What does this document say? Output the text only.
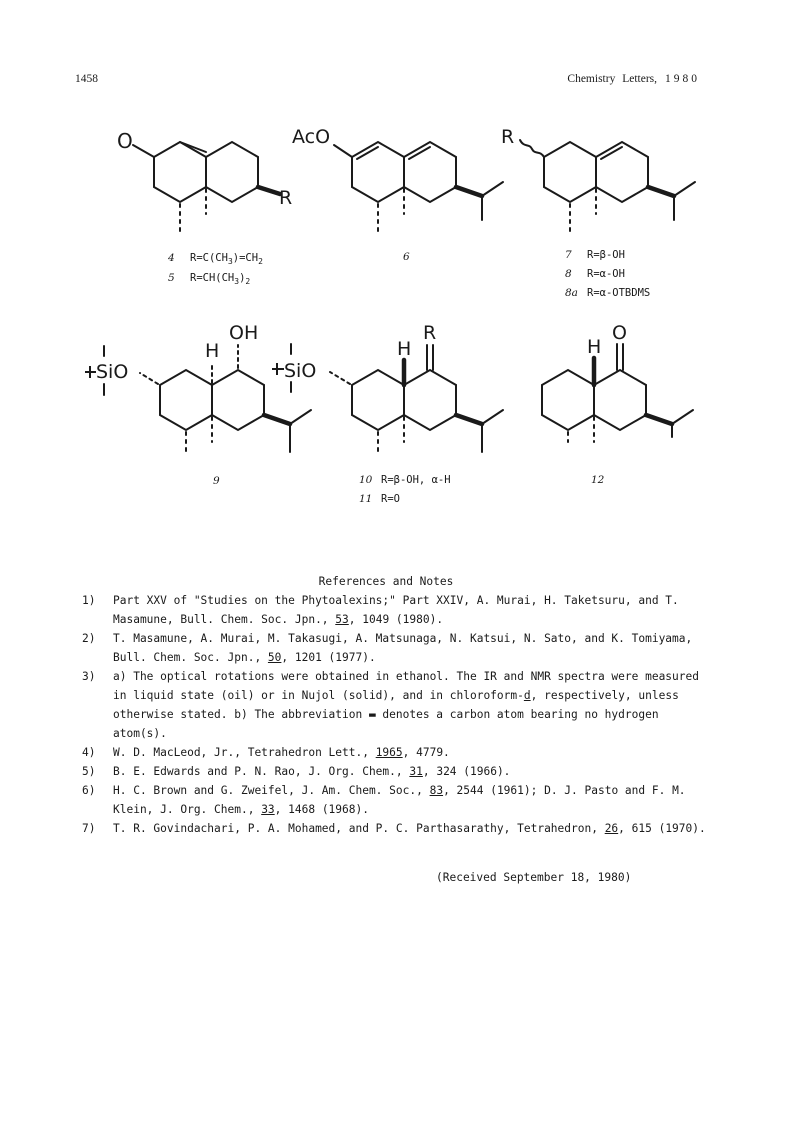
1458	Chemistry Letters, 1980
O
R
AcO	R
OH
H
SiO
R
H
SiO
O
H
4 $R=C(CH_3)=CH_2$
5 $R=CH(CH_3)_2$
6	7 R=β-OH
8 R=α-OH
8a R=α-OTBDMS
9	10 R=β-OH, α-H
11 R=O
12
References and Notes
1) Part XXV of "Studies on the Phytoalexins;" Part XXIV, A. Murai, H. Taketsuru, and T. Masamune, Bull. Chem. Soc. Jpn., 53, 1049 (1980).
2) T. Masamune, A. Murai, M. Takasugi, A. Matsunaga, N. Katsui, N. Sato, and K. Tomiyama, Bull. Chem. Soc. Jpn., 50, 1201 (1977).
3) a) The optical rotations were obtained in ethanol. The IR and NMR spectra were measured in liquid state (oil) or in Nujol (solid), and in chloroform-d, respectively, unless otherwise stated. b) The abbreviation ▬ denotes a carbon atom bearing no hydrogen atom(s).
4) W. D. MacLeod, Jr., Tetrahedron Lett., 1965, 4779.
5) B. E. Edwards and P. N. Rao, J. Org. Chem., 31, 324 (1966).
6) H. C. Brown and G. Zweifel, J. Am. Chem. Soc., 83, 2544 (1961); D. J. Pasto and F. M. Klein, J. Org. Chem., 33, 1468 (1968).
7) T. R. Govindachari, P. A. Mohamed, and P. C. Parthasarathy, Tetrahedron, 26, 615 (1970).
(Received September 18, 1980)
